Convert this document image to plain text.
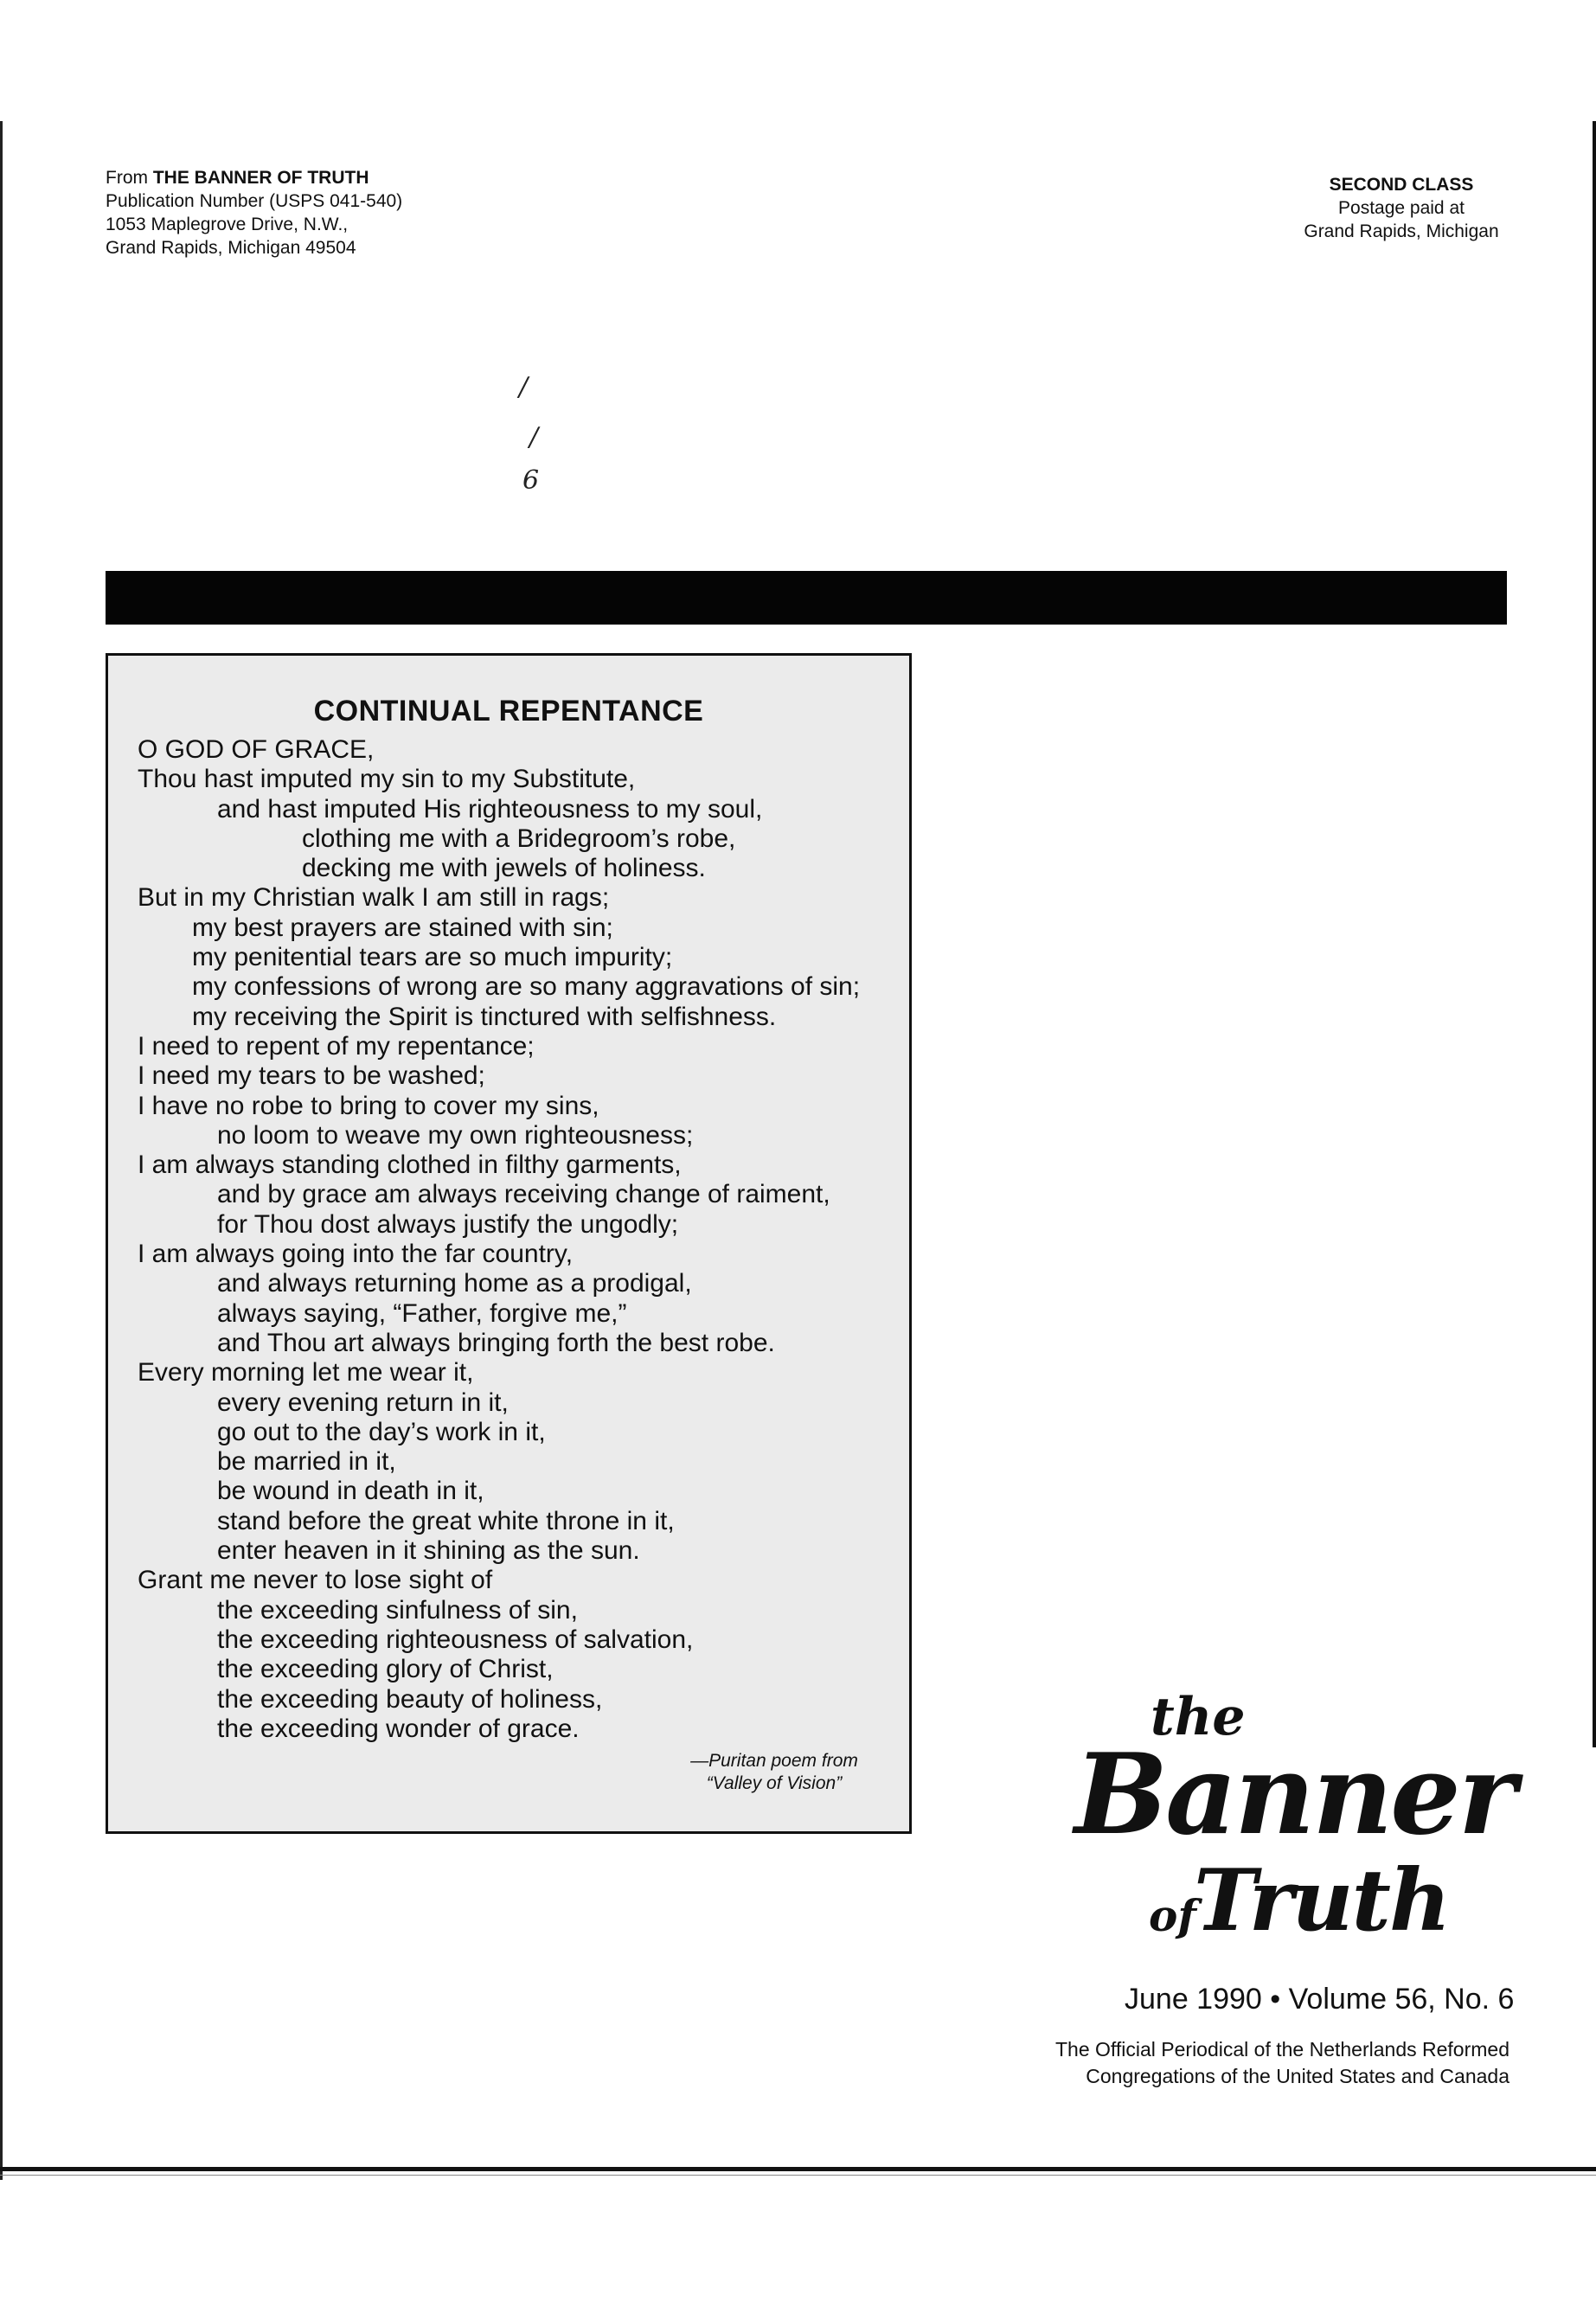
From THE BANNER OF TRUTH
Publication Number (USPS 041-540)
1053 Maplegrove Drive, N.W.,
Grand Rapids, Michigan 49504
SECOND CLASS
Postage paid at
Grand Rapids, Michigan
/
/
6
CONTINUAL REPENTANCE
O GOD OF GRACE,
Thou hast imputed my sin to my Substitute,
and hast imputed His righteousness to my soul,
clothing me with a Bridegroom’s robe,
decking me with jewels of holiness.
But in my Christian walk I am still in rags;
my best prayers are stained with sin;
my penitential tears are so much impurity;
my confessions of wrong are so many aggravations of sin;
my receiving the Spirit is tinctured with selfishness.
I need to repent of my repentance;
I need my tears to be washed;
I have no robe to bring to cover my sins,
no loom to weave my own righteousness;
I am always standing clothed in filthy garments,
and by grace am always receiving change of raiment,
for Thou dost always justify the ungodly;
I am always going into the far country,
and always returning home as a prodigal,
always saying, “Father, forgive me,”
and Thou art always bringing forth the best robe.
Every morning let me wear it,
every evening return in it,
go out to the day’s work in it,
be married in it,
be wound in death in it,
stand before the great white throne in it,
enter heaven in it shining as the sun.
Grant me never to lose sight of
the exceeding sinfulness of sin,
the exceeding righteousness of salvation,
the exceeding glory of Christ,
the exceeding beauty of holiness,
the exceeding wonder of grace.
—Puritan poem from
“Valley of Vision”
the
Banner
of
Truth
June 1990 • Volume 56, No. 6
The Official Periodical of the Netherlands Reformed
Congregations of the United States and Canada
